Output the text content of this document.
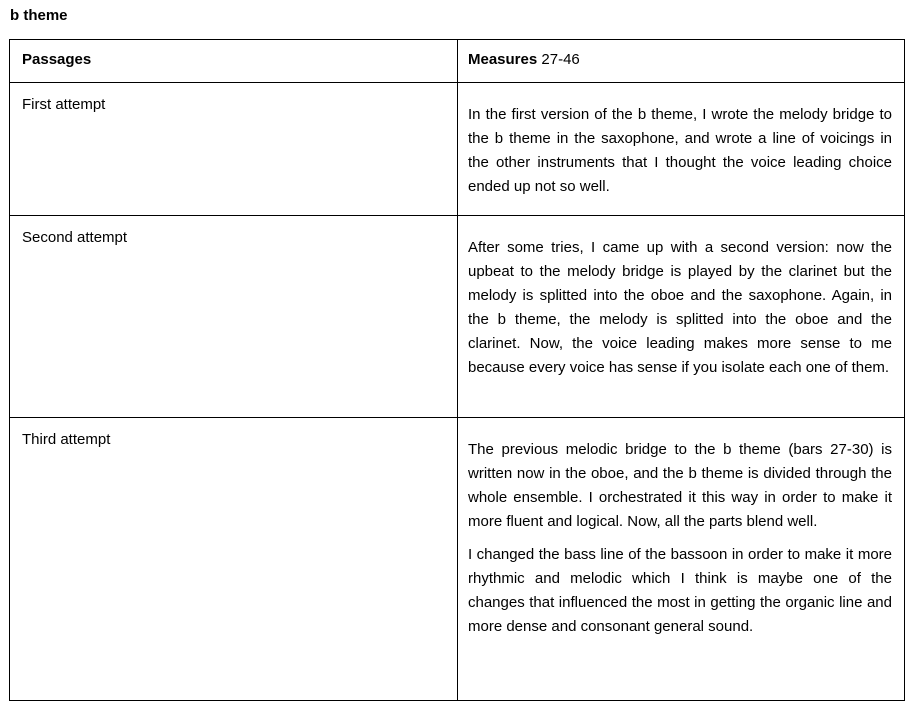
b theme
Passages	Measures 27-46
First attempt	In the first version of the b theme, I wrote the melody bridge to the b theme in the saxophone, and wrote a line of voicings in the other instruments that I thought the voice leading choice ended up not so well.

Second attempt	After some tries, I came up with a second version: now the upbeat to the melody bridge is played by the clarinet but the melody is splitted into the oboe and the saxophone. Again, in the b theme, the melody is splitted into the oboe and the clarinet. Now, the voice leading makes more sense to me because every voice has sense if you isolate each one of them.

Third attempt	The previous melodic bridge to the b theme (bars 27-30) is written now in the oboe, and the b theme is divided through the whole ensemble. I orchestrated it this way in order to make it more fluent and logical. Now, all the parts blend well.

I changed the bass line of the bassoon in order to make it more rhythmic and melodic which I think is maybe one of the changes that influenced the most in getting the organic line and more dense and consonant general sound.
